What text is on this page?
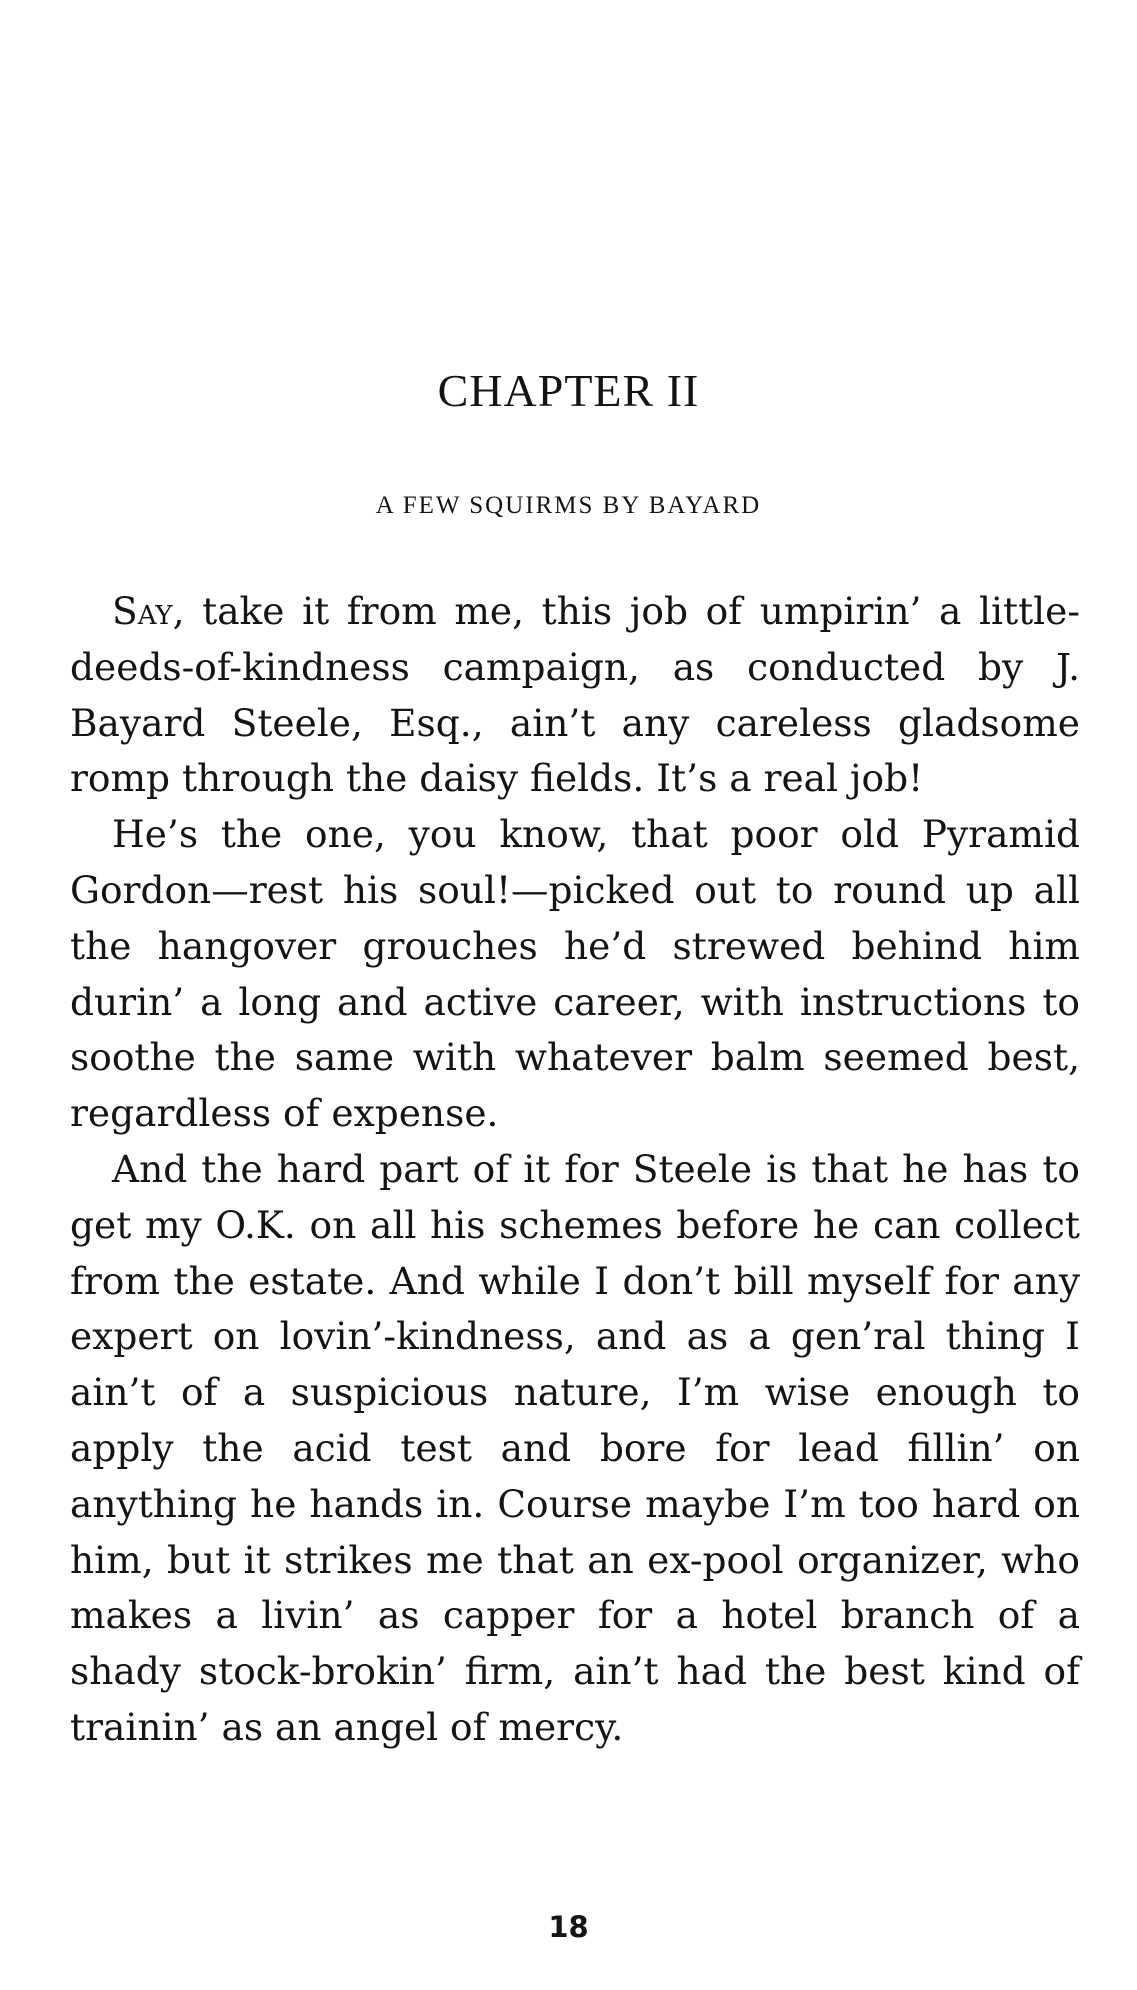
CHAPTER II
A FEW SQUIRMS BY BAYARD

Say, take it from me, this job of umpirin’ a little-deeds-of-kindness campaign, as conducted by J. Bayard Steele, Esq., ain’t any careless gladsome romp through the daisy fields. It’s a real job!

He’s the one, you know, that poor old Pyramid Gordon—rest his soul!—picked out to round up all the hangover grouches he’d strewed behind him durin’ a long and active career, with instructions to soothe the same with whatever balm seemed best, regardless of expense.

And the hard part of it for Steele is that he has to get my O.K. on all his schemes before he can collect from the estate. And while I don’t bill myself for any expert on lovin’-kindness, and as a gen’ral thing I ain’t of a suspicious nature, I’m wise enough to apply the acid test and bore for lead fillin’ on anything he hands in. Course maybe I’m too hard on him, but it strikes me that an ex-pool organizer, who makes a livin’ as capper for a hotel branch of a shady stock-brokin’ firm, ain’t had the best kind of trainin’ as an angel of mercy.

18
